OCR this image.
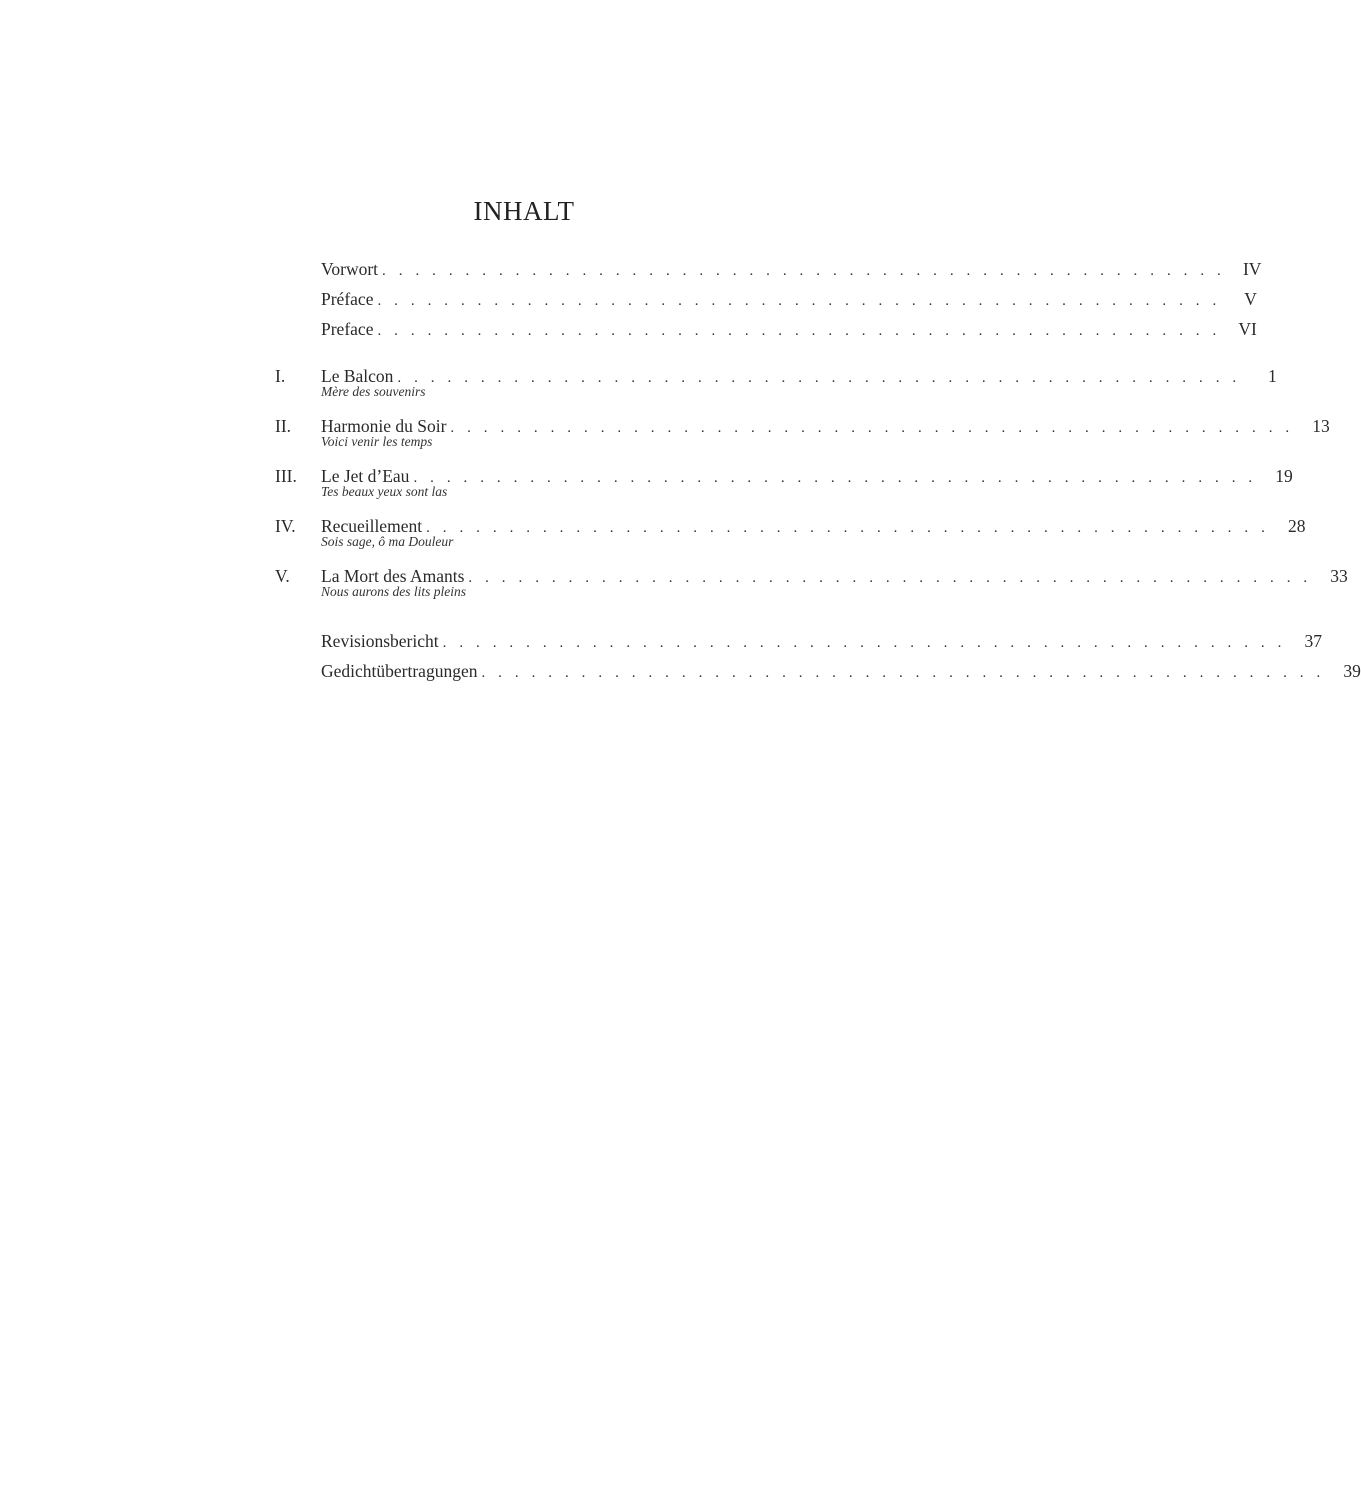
INHALT
Vorwort . . . . . . . . . . . . . . . . . . . . . . . . . . . . . . . . . . . . . . . . . . . . . . . . . . .	IV
Préface . . . . . . . . . . . . . . . . . . . . . . . . . . . . . . . . . . . . . . . . . . . . . . . . . . .	V
Preface . . . . . . . . . . . . . . . . . . . . . . . . . . . . . . . . . . . . . . . . . . . . . . . . . . .	VI
I.	Le Balcon . . . . . . . . . . . . . . . . . . . . . . . . . . . . . . . . . . . . . . . . . . . . . . . . . . .	1
Mère des souvenirs
II.	Harmonie du Soir . . . . . . . . . . . . . . . . . . . . . . . . . . . . . . . . . . . . . . . . . . . . . . . . . . .	13
Voici venir les temps
III.	Le Jet d’Eau . . . . . . . . . . . . . . . . . . . . . . . . . . . . . . . . . . . . . . . . . . . . . . . . . . .	19
Tes beaux yeux sont las
IV.	Recueillement . . . . . . . . . . . . . . . . . . . . . . . . . . . . . . . . . . . . . . . . . . . . . . . . . . .	28
Sois sage, ô ma Douleur
V.	La Mort des Amants . . . . . . . . . . . . . . . . . . . . . . . . . . . . . . . . . . . . . . . . . . . . . . . . . . .	33
Nous aurons des lits pleins
Revisionsbericht . . . . . . . . . . . . . . . . . . . . . . . . . . . . . . . . . . . . . . . . . . . . . . . . . . .	37
Gedichtübertragungen . . . . . . . . . . . . . . . . . . . . . . . . . . . . . . . . . . . . . . . . . . . . . . . . . . .	39
